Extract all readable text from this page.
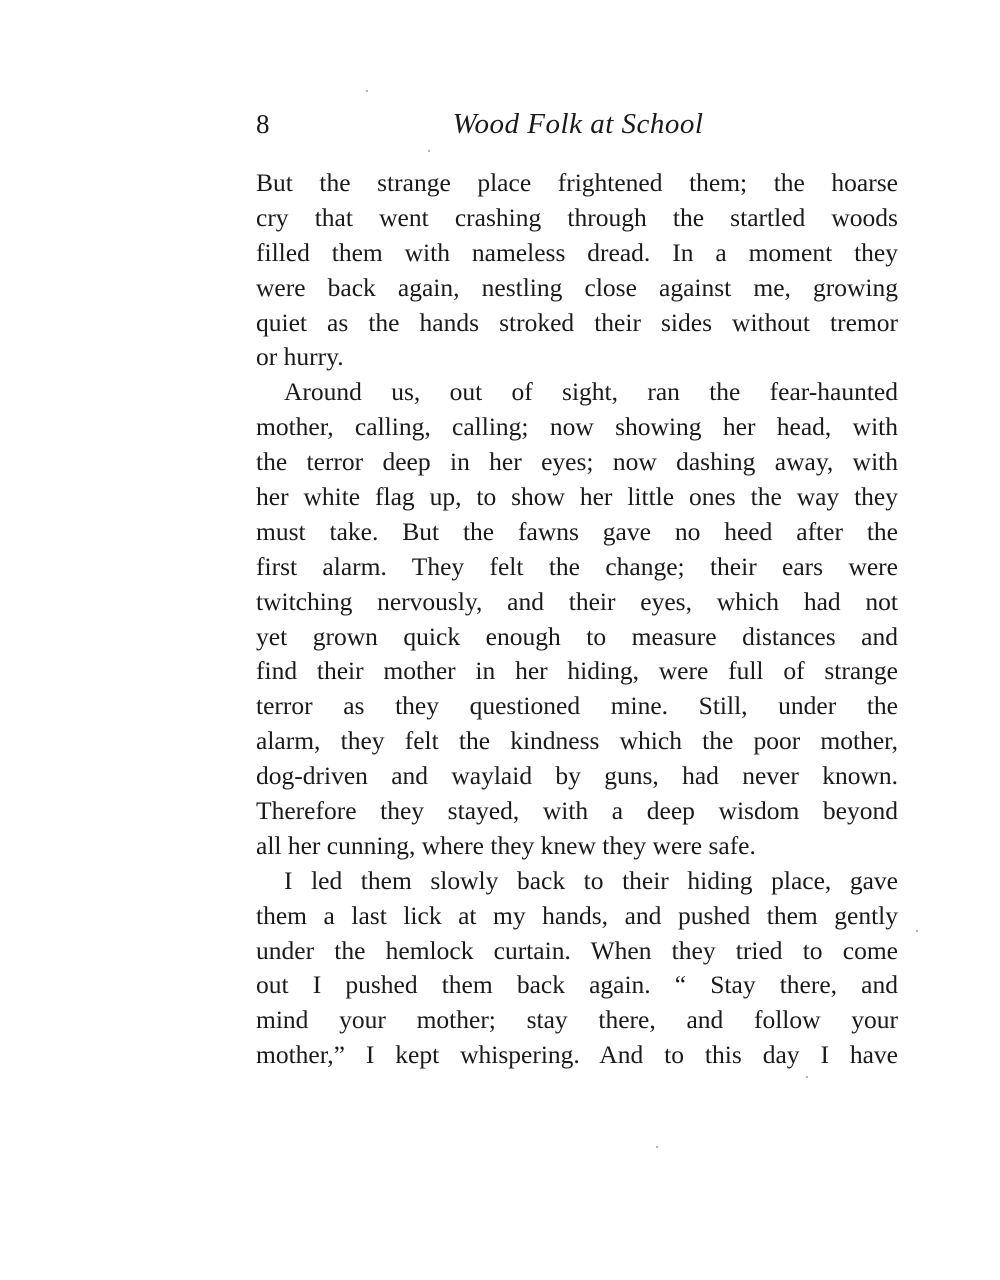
8	Wood Folk at School
But the strange place frightened them; the hoarse
cry that went crashing through the startled woods
filled them with nameless dread. In a moment they
were back again, nestling close against me, growing
quiet as the hands stroked their sides without tremor
or hurry.
Around us, out of sight, ran the fear-haunted
mother, calling, calling; now showing her head, with
the terror deep in her eyes; now dashing away, with
her white flag up, to show her little ones the way they
must take. But the fawns gave no heed after the
first alarm. They felt the change; their ears were
twitching nervously, and their eyes, which had not
yet grown quick enough to measure distances and
find their mother in her hiding, were full of strange
terror as they questioned mine. Still, under the
alarm, they felt the kindness which the poor mother,
dog-driven and waylaid by guns, had never known.
Therefore they stayed, with a deep wisdom beyond
all her cunning, where they knew they were safe.
I led them slowly back to their hiding place, gave
them a last lick at my hands, and pushed them gently
under the hemlock curtain. When they tried to come
out I pushed them back again. “ Stay there, and
mind your mother; stay there, and follow your
mother,” I kept whispering. And to this day I have
